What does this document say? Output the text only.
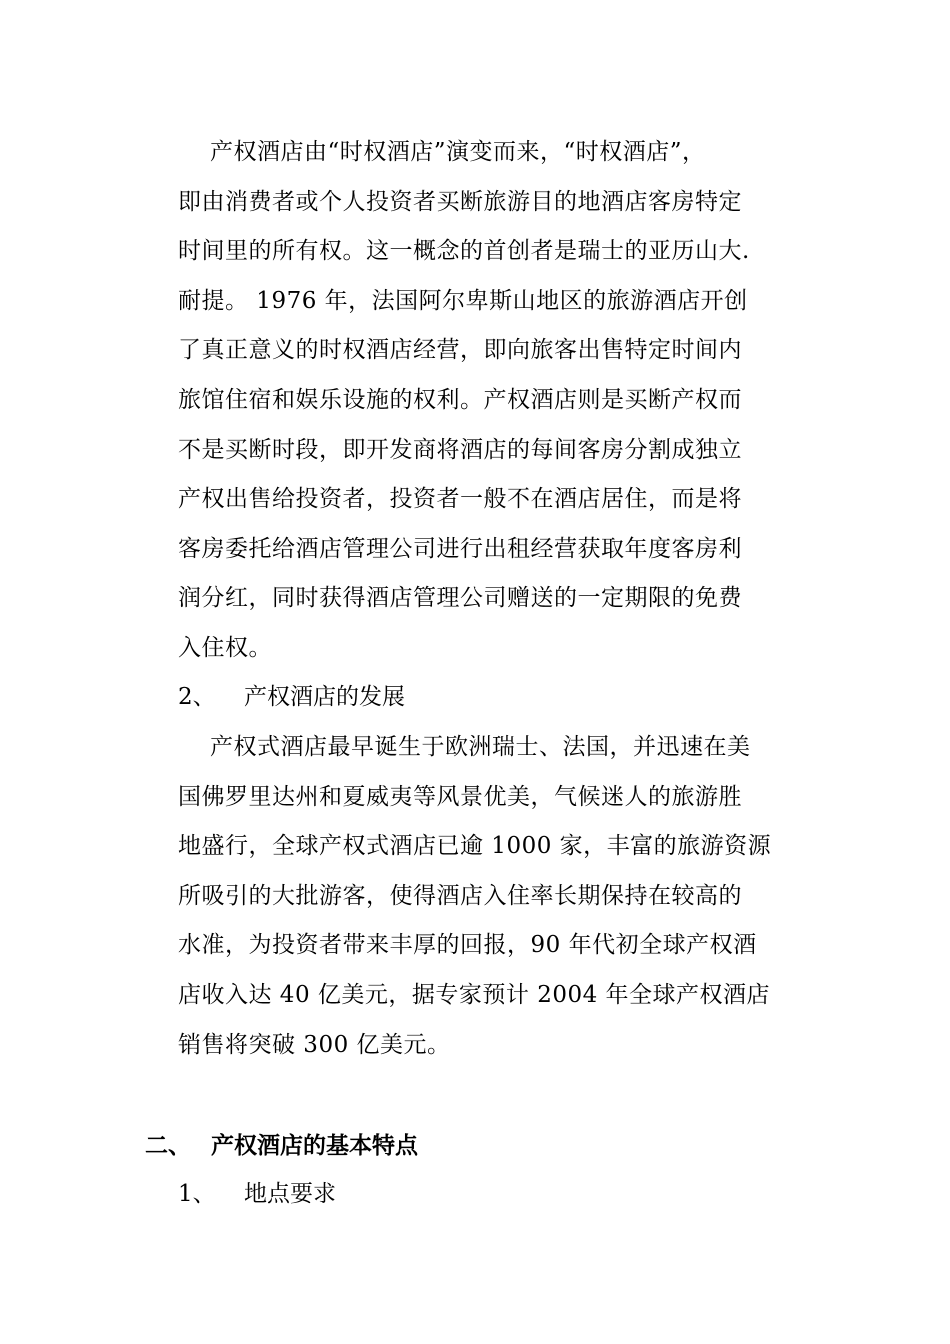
产权酒店由“时权酒店”演变而来，“时权酒店”，
即由消费者或个人投资者买断旅游目的地酒店客房特定
时间里的所有权。这一概念的首创者是瑞士的亚历山大.
耐提。 1976 年，法国阿尔卑斯山地区的旅游酒店开创
了真正意义的时权酒店经营，即向旅客出售特定时间内
旅馆住宿和娱乐设施的权利。产权酒店则是买断产权而
不是买断时段，即开发商将酒店的每间客房分割成独立
产权出售给投资者，投资者一般不在酒店居住，而是将
客房委托给酒店管理公司进行出租经营获取年度客房利
润分红，同时获得酒店管理公司赠送的一定期限的免费
入住权。
2、 产权酒店的发展
产权式酒店最早诞生于欧洲瑞士、法国，并迅速在美
国佛罗里达州和夏威夷等风景优美，气候迷人的旅游胜
地盛行，全球产权式酒店已逾 1000 家，丰富的旅游资源
所吸引的大批游客，使得酒店入住率长期保持在较高的
水准，为投资者带来丰厚的回报，90 年代初全球产权酒
店收入达 40 亿美元，据专家预计 2004 年全球产权酒店
销售将突破 300 亿美元。
二、 产权酒店的基本特点
1、 地点要求
